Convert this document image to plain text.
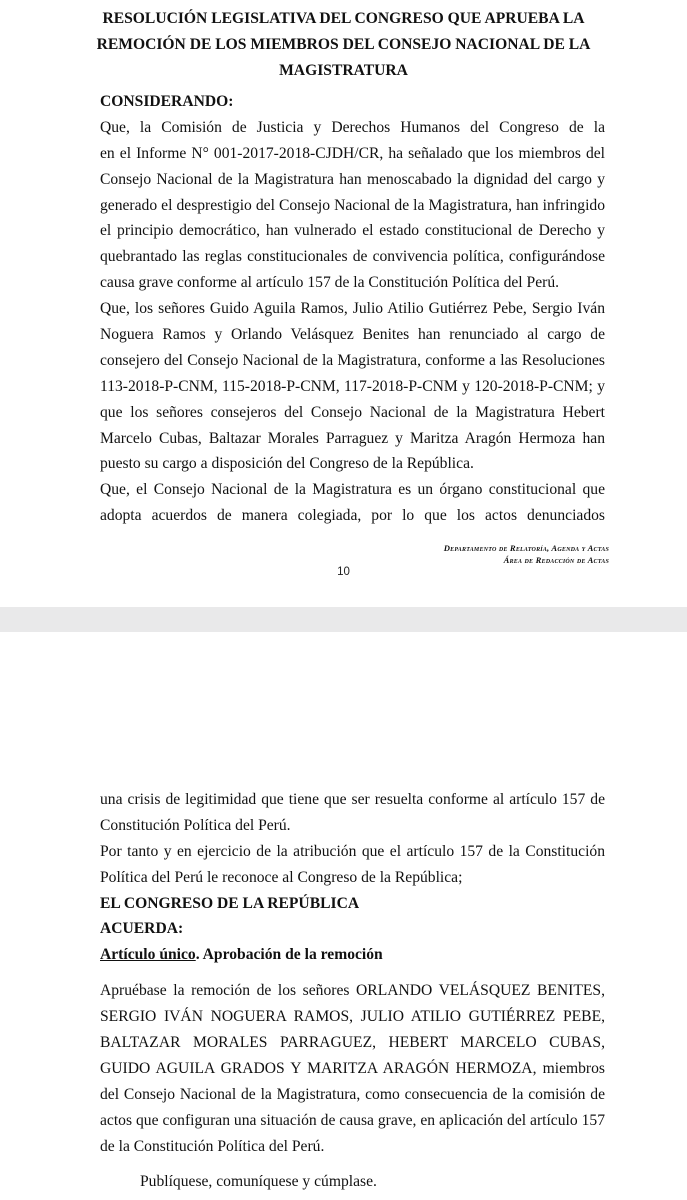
RESOLUCIÓN LEGISLATIVA DEL CONGRESO QUE APRUEBA LA
REMOCIÓN DE LOS MIEMBROS DEL CONSEJO NACIONAL DE LA
MAGISTRATURA
CONSIDERANDO:
Que, la Comisión de Justicia y Derechos Humanos del Congreso de la
en el Informe N° 001-2017-2018-CJDH/CR, ha señalado que los miembros del
Consejo Nacional de la Magistratura han menoscabado la dignidad del cargo y
generado el desprestigio del Consejo Nacional de la Magistratura, han infringido
el principio democrático, han vulnerado el estado constitucional de Derecho y
quebrantado las reglas constitucionales de convivencia política, configurándose
causa grave conforme al artículo 157 de la Constitución Política del Perú.
Que, los señores Guido Aguila Ramos, Julio Atilio Gutiérrez Pebe, Sergio Iván
Noguera Ramos y Orlando Velásquez Benites han renunciado al cargo de
consejero del Consejo Nacional de la Magistratura, conforme a las Resoluciones
113-2018-P-CNM, 115-2018-P-CNM, 117-2018-P-CNM y 120-2018-P-CNM; y
que los señores consejeros del Consejo Nacional de la Magistratura Hebert
Marcelo Cubas, Baltazar Morales Parraguez y Maritza Aragón Hermoza han
puesto su cargo a disposición del Congreso de la República.
Que, el Consejo Nacional de la Magistratura es un órgano constitucional que
adopta acuerdos de manera colegiada, por lo que los actos denunciados
Departamento de Relatoría, Agenda y Actas
Área de Redacción de Actas
10
una crisis de legitimidad que tiene que ser resuelta conforme al artículo 157 de
Constitución Política del Perú.
Por tanto y en ejercicio de la atribución que el artículo 157 de la Constitución
Política del Perú le reconoce al Congreso de la República;
EL CONGRESO DE LA REPÚBLICA
ACUERDA:
Artículo único. Aprobación de la remoción
Apruébase la remoción de los señores ORLANDO VELÁSQUEZ BENITES,
SERGIO IVÁN NOGUERA RAMOS, JULIO ATILIO GUTIÉRREZ PEBE,
BALTAZAR MORALES PARRAGUEZ, HEBERT MARCELO CUBAS,
GUIDO AGUILA GRADOS Y MARITZA ARAGÓN HERMOZA, miembros
del Consejo Nacional de la Magistratura, como consecuencia de la comisión de
actos que configuran una situación de causa grave, en aplicación del artículo 157
de la Constitución Política del Perú.
Publíquese, comuníquese y cúmplase.
